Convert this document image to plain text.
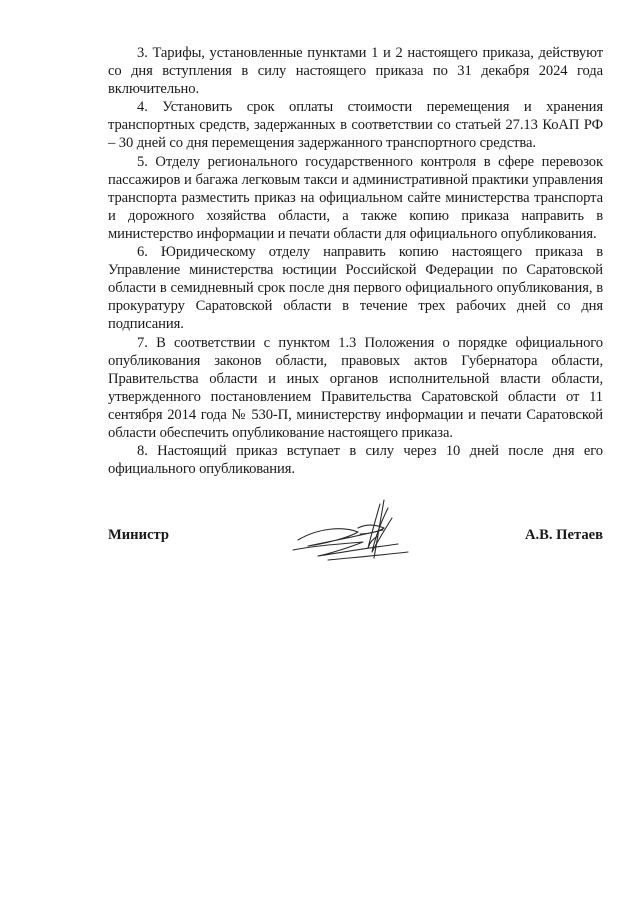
3. Тарифы, установленные пунктами 1 и 2 настоящего приказа, действуют со дня вступления в силу настоящего приказа по 31 декабря 2024 года включительно.

4. Установить срок оплаты стоимости перемещения и хранения транспортных средств, задержанных в соответствии со статьей 27.13 КоАП РФ – 30 дней со дня перемещения задержанного транспортного средства.

5. Отделу регионального государственного контроля в сфере перевозок пассажиров и багажа легковым такси и административной практики управления транспорта разместить приказ на официальном сайте министерства транспорта и дорожного хозяйства области, а также копию приказа направить в министерство информации и печати области для официального опубликования.

6. Юридическому отделу направить копию настоящего приказа в Управление министерства юстиции Российской Федерации по Саратовской области в семидневный срок после дня первого официального опубликования, в прокуратуру Саратовской области в течение трех рабочих дней со дня подписания.

7. В соответствии с пунктом 1.3 Положения о порядке официального опубликования законов области, правовых актов Губернатора области, Правительства области и иных органов исполнительной власти области, утвержденного постановлением Правительства Саратовской области от 11 сентября 2014 года № 530-П, министерству информации и печати Саратовской области обеспечить опубликование настоящего приказа.

8. Настоящий приказ вступает в силу через 10 дней после дня его официального опубликования.

Министр	А.В. Петаев
